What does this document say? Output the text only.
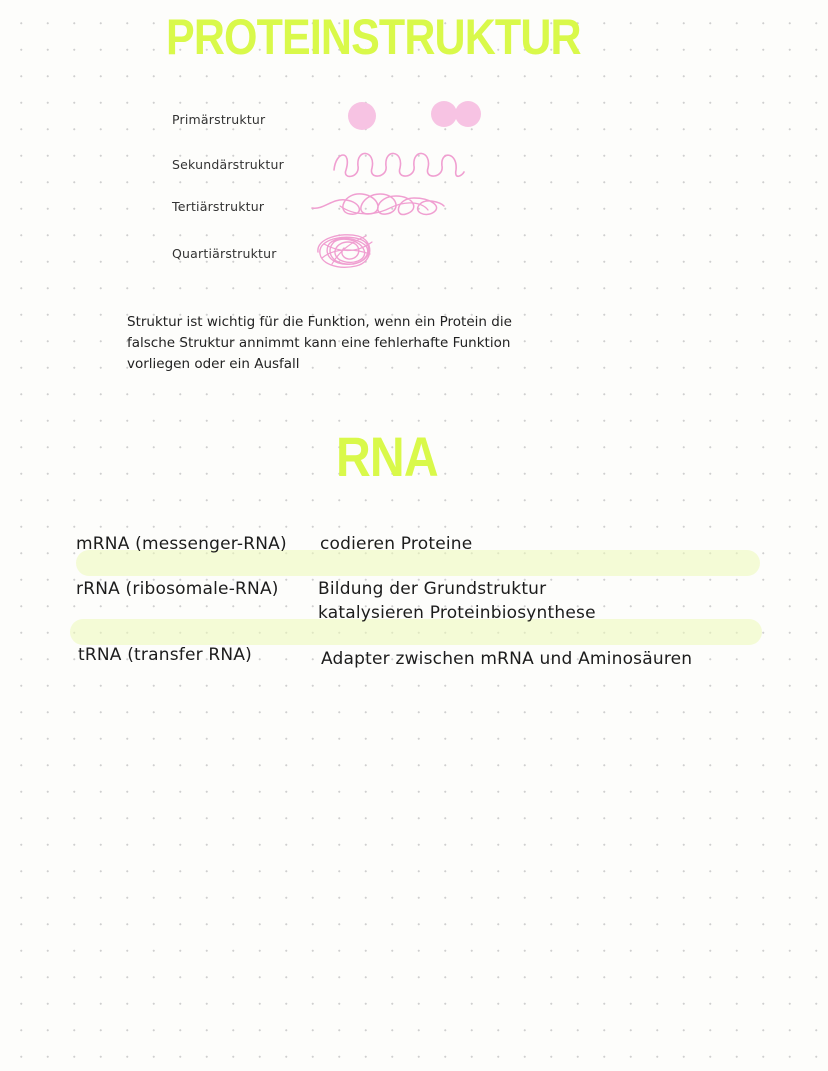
PROTEINSTRUKTUR
Primärstruktur
Sekundärstruktur
Tertiärstruktur
Quartiärstruktur

Struktur ist wichtig für die Funktion, wenn ein Protein die
falsche Struktur annimmt kann eine fehlerhafte Funktion
vorliegen oder ein Ausfall

RNA
mRNA (messenger-RNA) codieren Proteine
rRNA (ribosomale-RNA) Bildung der Grundstruktur
katalysieren Proteinbiosynthese
tRNA (transfer RNA)	Adapter zwischen mRNA und Aminosäuren
